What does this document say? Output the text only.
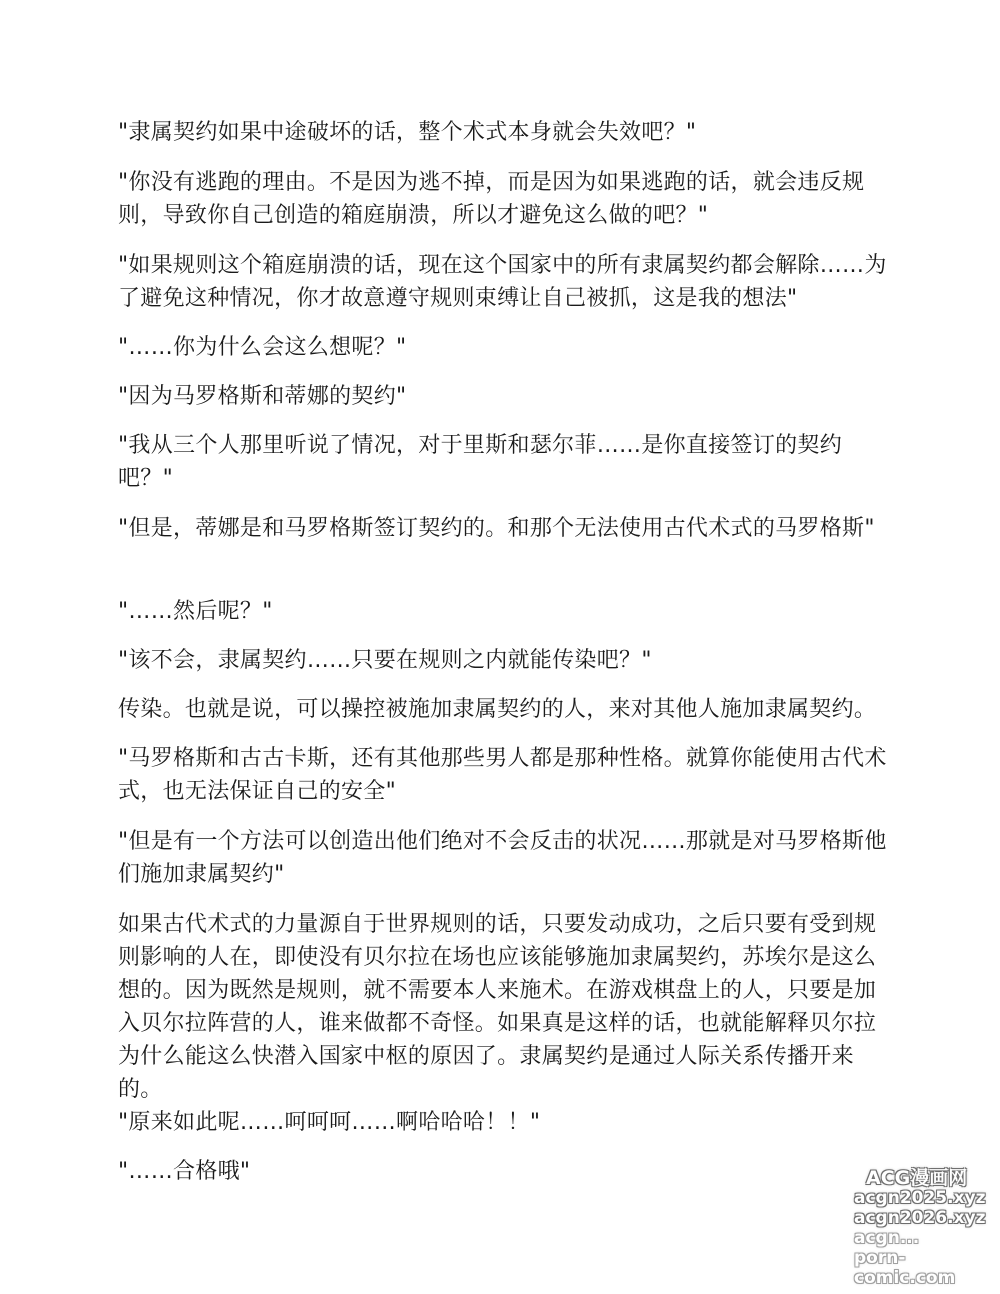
"隶属契约如果中途破坏的话，整个术式本身就会失效吧？"

"你没有逃跑的理由。不是因为逃不掉，而是因为如果逃跑的话，就会违反规则，导致你自己创造的箱庭崩溃，所以才避免这么做的吧？"

"如果规则这个箱庭崩溃的话，现在这个国家中的所有隶属契约都会解除……为了避免这种情况，你才故意遵守规则束缚让自己被抓，这是我的想法"

"……你为什么会这么想呢？"

"因为马罗格斯和蒂娜的契约"

"我从三个人那里听说了情况，对于里斯和瑟尔菲……是你直接签订的契约吧？"

"但是，蒂娜是和马罗格斯签订契约的。和那个无法使用古代术式的马罗格斯"

"……然后呢？"

"该不会，隶属契约……只要在规则之内就能传染吧？"

传染。也就是说，可以操控被施加隶属契约的人，来对其他人施加隶属契约。

"马罗格斯和古古卡斯，还有其他那些男人都是那种性格。就算你能使用古代术式，也无法保证自己的安全"

"但是有一个方法可以创造出他们绝对不会反击的状况……那就是对马罗格斯他们施加隶属契约"

如果古代术式的力量源自于世界规则的话，只要发动成功，之后只要有受到规则影响的人在，即使没有贝尔拉在场也应该能够施加隶属契约，苏埃尔是这么想的。因为既然是规则，就不需要本人来施术。在游戏棋盘上的人，只要是加入贝尔拉阵营的人，谁来做都不奇怪。如果真是这样的话，也就能解释贝尔拉为什么能这么快潜入国家中枢的原因了。隶属契约是通过人际关系传播开来的。

"原来如此呢……呵呵呵……啊哈哈哈！！"

"……合格哦"	ACG漫画网
acgn2025.xyz
acgn2026.xyz
acgn...
porn-comic.com
